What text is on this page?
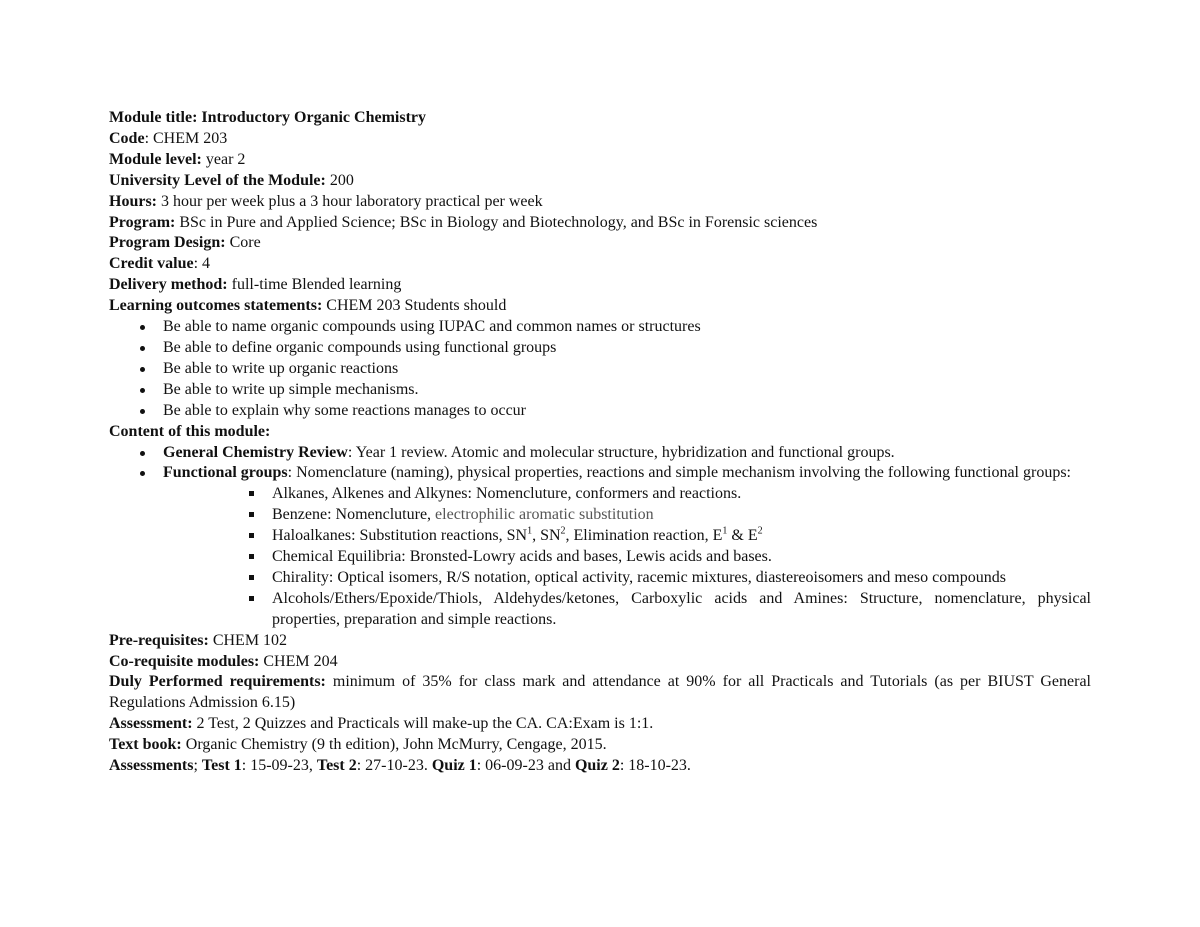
Module title: Introductory Organic Chemistry
Code: CHEM 203
Module level: year 2
University Level of the Module: 200
Hours: 3 hour per week plus a 3 hour laboratory practical per week
Program: BSc in Pure and Applied Science; BSc in Biology and Biotechnology, and BSc in Forensic sciences
Program Design: Core
Credit value: 4
Delivery method: full-time Blended learning
Learning outcomes statements: CHEM 203 Students should
Be able to name organic compounds using IUPAC and common names or structures
Be able to define organic compounds using functional groups
Be able to write up organic reactions
Be able to write up simple mechanisms.
Be able to explain why some reactions manages to occur
Content of this module:
General Chemistry Review: Year 1 review. Atomic and molecular structure, hybridization and functional groups.
Functional groups: Nomenclature (naming), physical properties, reactions and simple mechanism involving the following functional groups:
Alkanes, Alkenes and Alkynes: Nomencluture, conformers and reactions.
Benzene: Nomencluture, electrophilic aromatic substitution
Haloalkanes: Substitution reactions, $SN^1$, $SN^2$, Elimination reaction, $E^1$ & $E^2$
Chemical Equilibria: Bronsted-Lowry acids and bases, Lewis acids and bases.
Chirality: Optical isomers, R/S notation, optical activity, racemic mixtures, diastereoisomers and meso compounds
Alcohols/Ethers/Epoxide/Thiols, Aldehydes/ketones, Carboxylic acids and Amines: Structure, nomenclature, physical properties, preparation and simple reactions.
Pre-requisites: CHEM 102
Co-requisite modules: CHEM 204
Duly Performed requirements: minimum of 35% for class mark and attendance at 90% for all Practicals and Tutorials (as per BIUST General Regulations Admission 6.15)
Assessment: 2 Test, 2 Quizzes and Practicals will make-up the CA. CA:Exam is 1:1.
Text book: Organic Chemistry (9 th edition), John McMurry, Cengage, 2015.
Assessments; Test 1: 15-09-23, Test 2: 27-10-23. Quiz 1: 06-09-23 and Quiz 2: 18-10-23.
